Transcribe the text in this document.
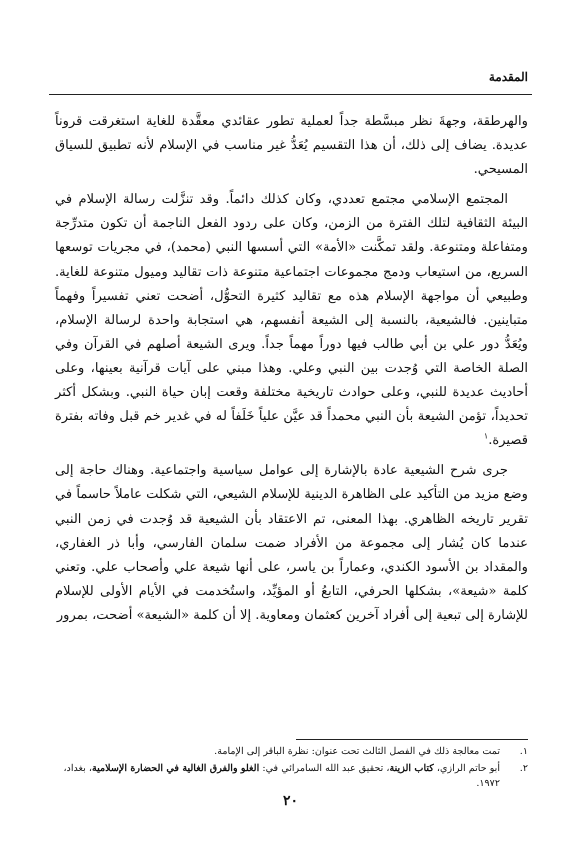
المقدمة

والهرطقة، وجهةَ نظر مبسَّطة جداً لعملية تطور عقائدي معقَّدة للغاية استغرقت قروناً عديدة. يضاف إلى ذلك، أن هذا التقسيم يُعَدُّ غير مناسب في الإسلام لأنه تطبيق للسياق المسيحي.

المجتمع الإسلامي مجتمع تعددي، وكان كذلك دائماً. وقد تنزَّلت رسالة الإسلام في البيئة الثقافية لتلك الفترة من الزمن، وكان على ردود الفعل الناجمة أن تكون متدرِّجة ومتفاعلة ومتنوعة. ولقد تمكَّنت «الأمة» التي أسسها النبي (محمد)، في مجريات توسعها السريع، من استيعاب ودمج مجموعات اجتماعية متنوعة ذات تقاليد وميول متنوعة للغاية. وطبيعي أن مواجهة الإسلام هذه مع تقاليد كثيرة التحوُّل، أضحت تعني تفسيراً وفهماً متباينين. فالشيعية، بالنسبة إلى الشيعة أنفسهم، هي استجابة واحدة لرسالة الإسلام، ويُعَدُّ دور علي بن أبي طالب فيها دوراً مهماً جداً. ويرى الشيعة أصلهم في القرآن وفي الصلة الخاصة التي وُجدت بين النبي وعلي. وهذا مبني على آيات قرآنية بعينها، وعلى أحاديث عديدة للنبي، وعلى حوادث تاريخية مختلفة وقعت إبان حياة النبي. وبشكل أكثر تحديداً، تؤمن الشيعة بأن النبي محمداً قد عيَّن علياً خَلَفاً له في غدير خم قبل وفاته بفترة قصيرة.$^١$

جرى شرح الشيعية عادة بالإشارة إلى عوامل سياسية واجتماعية. وهناك حاجة إلى وضع مزيد من التأكيد على الظاهرة الدينية للإسلام الشيعي، التي شكلت عاملاً حاسماً في تقرير تاريخه الظاهري. بهذا المعنى، تم الاعتقاد بأن الشيعية قد وُجدت في زمن النبي عندما كان يُشار إلى مجموعة من الأفراد ضمت سلمان الفارسي، وأبا ذر الغفاري، والمقداد بن الأسود الكندي، وعماراً بن ياسر، على أنها شيعة علي وأصحاب علي. وتعني كلمة «شيعة»، بشكلها الحرفي، التابعُ أو المؤيِّد، واستُخدمت في الأيام الأولى للإسلام للإشارة إلى تبعية إلى أفراد آخرين كعثمان ومعاوية. إلا أن كلمة «الشيعة» أضحت، بمرور

١.
تمت معالجة ذلك في الفصل الثالث تحت عنوان: نظرة الباقر إلى الإمامة.
٢.
أبو حاتم الرازي، كتاب الزينة، تحقيق عبد الله السامرائي في: الغلو والفرق الغالية في الحضارة الإسلامية، بغداد، ١٩٧٢.
٢٠
